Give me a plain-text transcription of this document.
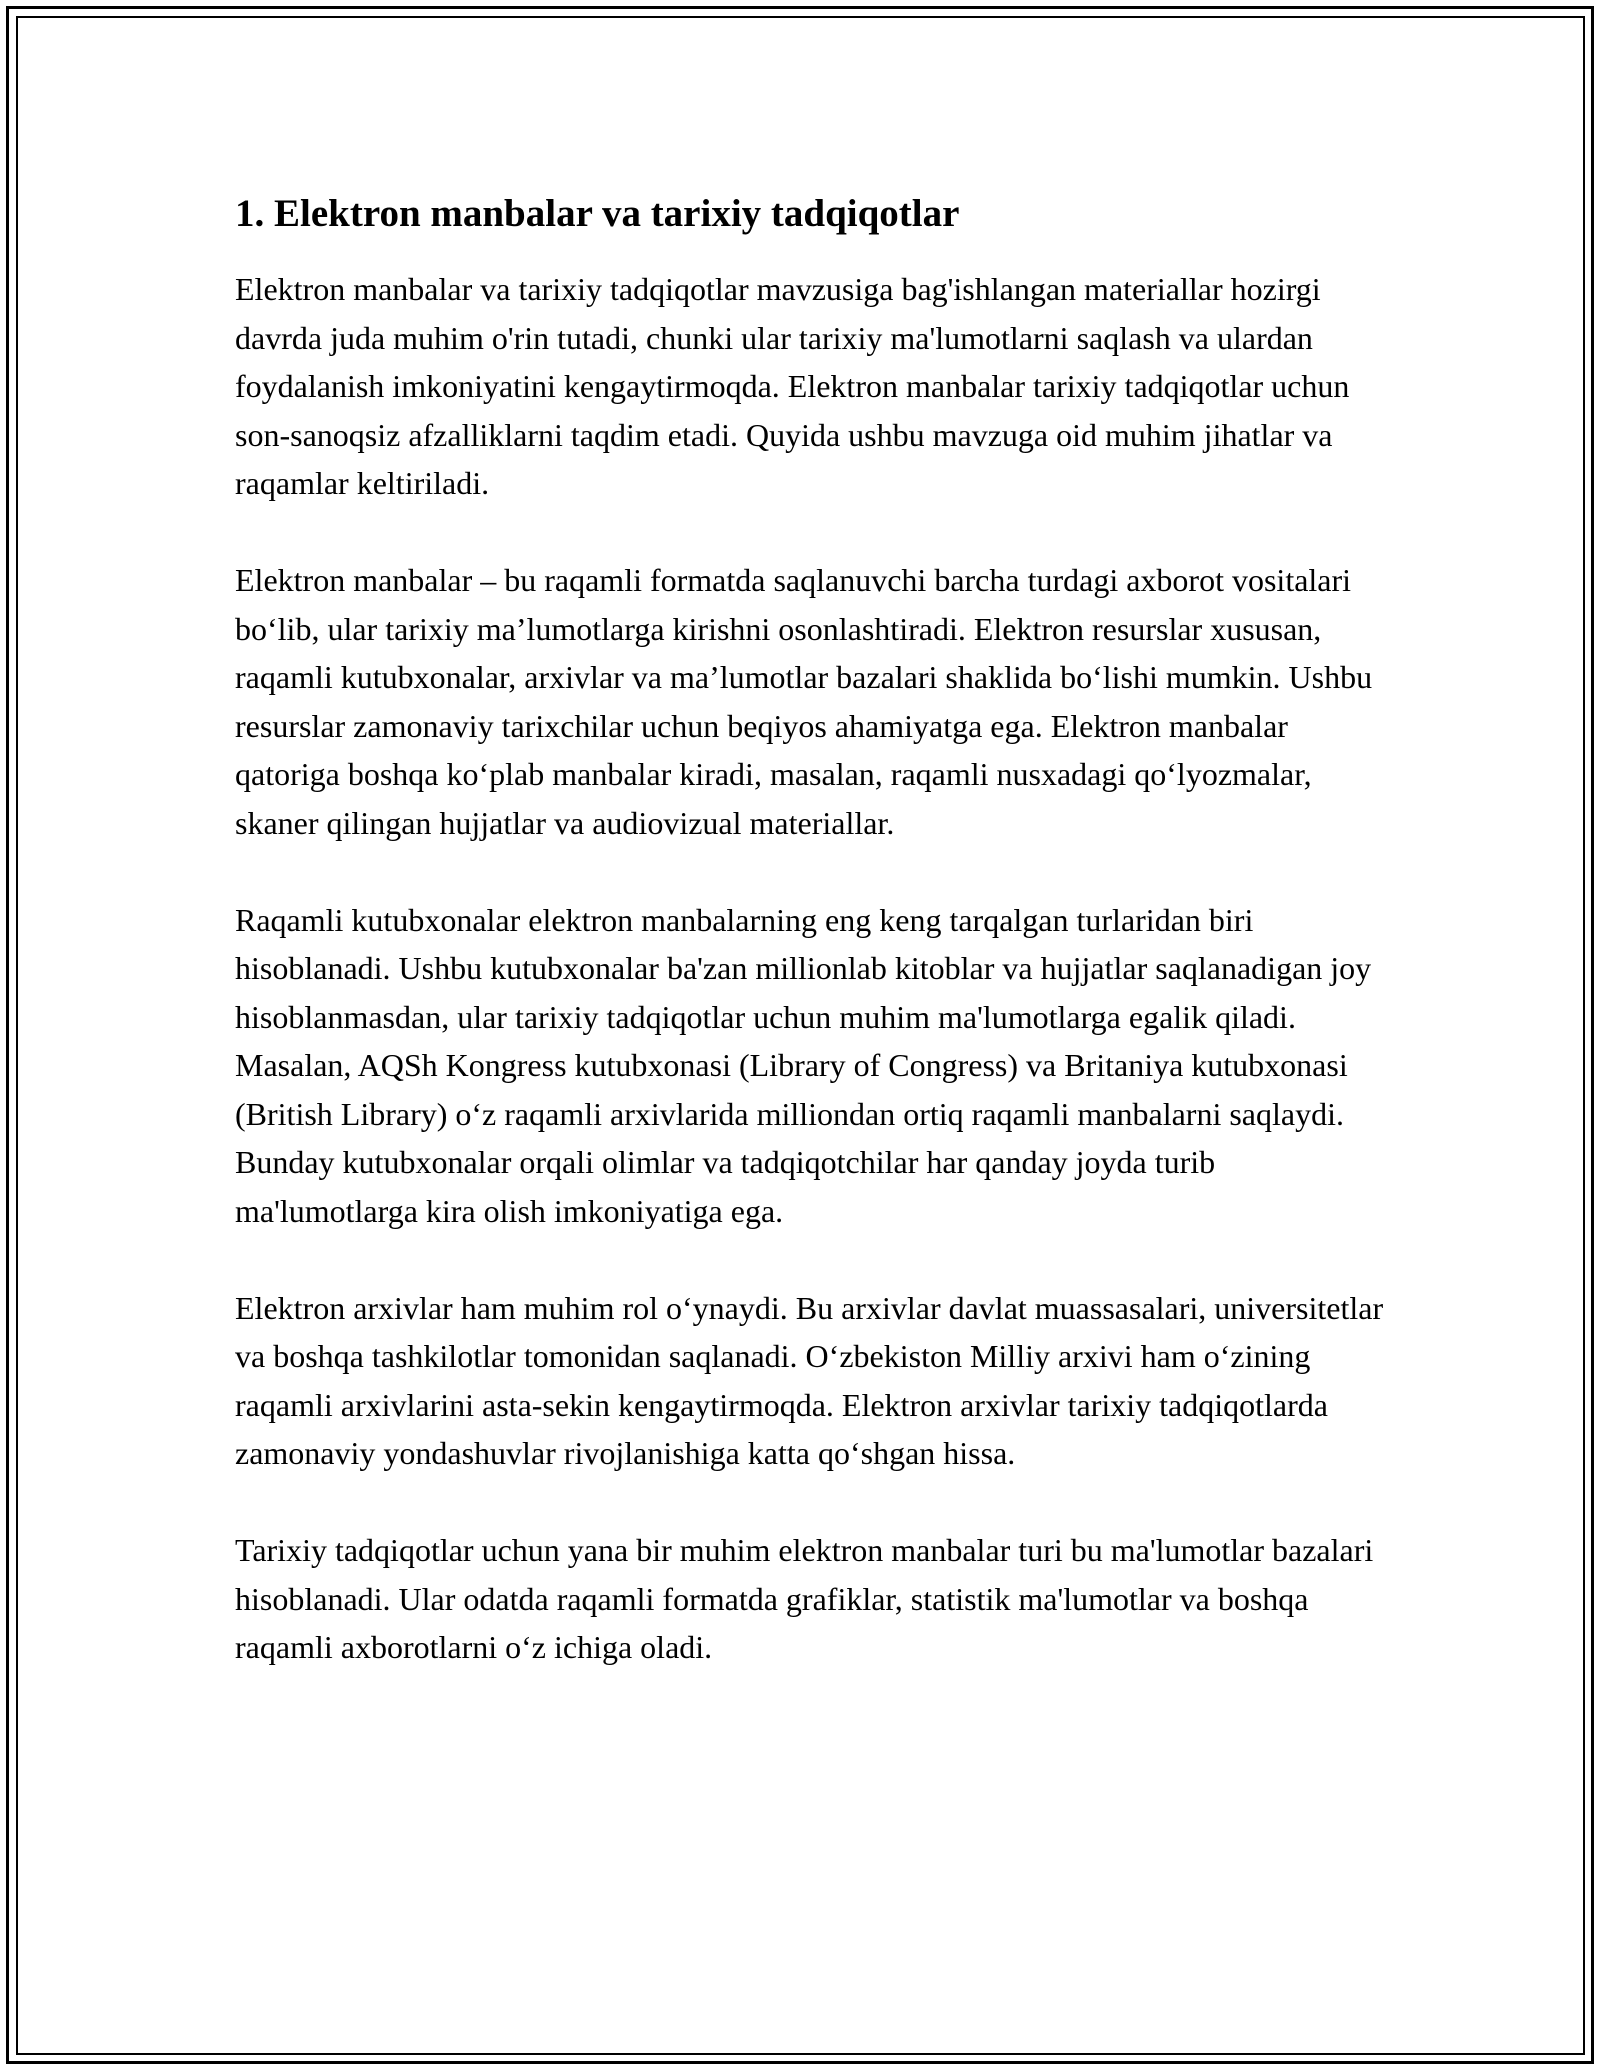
1. Elektron manbalar va tarixiy tadqiqotlar

Elektron manbalar va tarixiy tadqiqotlar mavzusiga bag'ishlangan materiallar hozirgi davrda juda muhim o'rin tutadi, chunki ular tarixiy ma'lumotlarni saqlash va ulardan foydalanish imkoniyatini kengaytirmoqda. Elektron manbalar tarixiy tadqiqotlar uchun son-sanoqsiz afzalliklarni taqdim etadi. Quyida ushbu mavzuga oid muhim jihatlar va raqamlar keltiriladi.

Elektron manbalar – bu raqamli formatda saqlanuvchi barcha turdagi axborot vositalari bo‘lib, ular tarixiy ma’lumotlarga kirishni osonlashtiradi. Elektron resurslar xususan, raqamli kutubxonalar, arxivlar va ma’lumotlar bazalari shaklida bo‘lishi mumkin. Ushbu resurslar zamonaviy tarixchilar uchun beqiyos ahamiyatga ega. Elektron manbalar qatoriga boshqa ko‘plab manbalar kiradi, masalan, raqamli nusxadagi qo‘lyozmalar, skaner qilingan hujjatlar va audiovizual materiallar.

Raqamli kutubxonalar elektron manbalarning eng keng tarqalgan turlaridan biri hisoblanadi. Ushbu kutubxonalar ba'zan millionlab kitoblar va hujjatlar saqlanadigan joy hisoblanmasdan, ular tarixiy tadqiqotlar uchun muhim ma'lumotlarga egalik qiladi. Masalan, AQSh Kongress kutubxonasi (Library of Congress) va Britaniya kutubxonasi (British Library) o‘z raqamli arxivlarida milliondan ortiq raqamli manbalarni saqlaydi. Bunday kutubxonalar orqali olimlar va tadqiqotchilar har qanday joyda turib ma'lumotlarga kira olish imkoniyatiga ega.

Elektron arxivlar ham muhim rol o‘ynaydi. Bu arxivlar davlat muassasalari, universitetlar va boshqa tashkilotlar tomonidan saqlanadi. O‘zbekiston Milliy arxivi ham o‘zining raqamli arxivlarini asta-sekin kengaytirmoqda. Elektron arxivlar tarixiy tadqiqotlarda zamonaviy yondashuvlar rivojlanishiga katta qo‘shgan hissa.

Tarixiy tadqiqotlar uchun yana bir muhim elektron manbalar turi bu ma'lumotlar bazalari hisoblanadi. Ular odatda raqamli formatda grafiklar, statistik ma'lumotlar va boshqa raqamli axborotlarni o‘z ichiga oladi.
